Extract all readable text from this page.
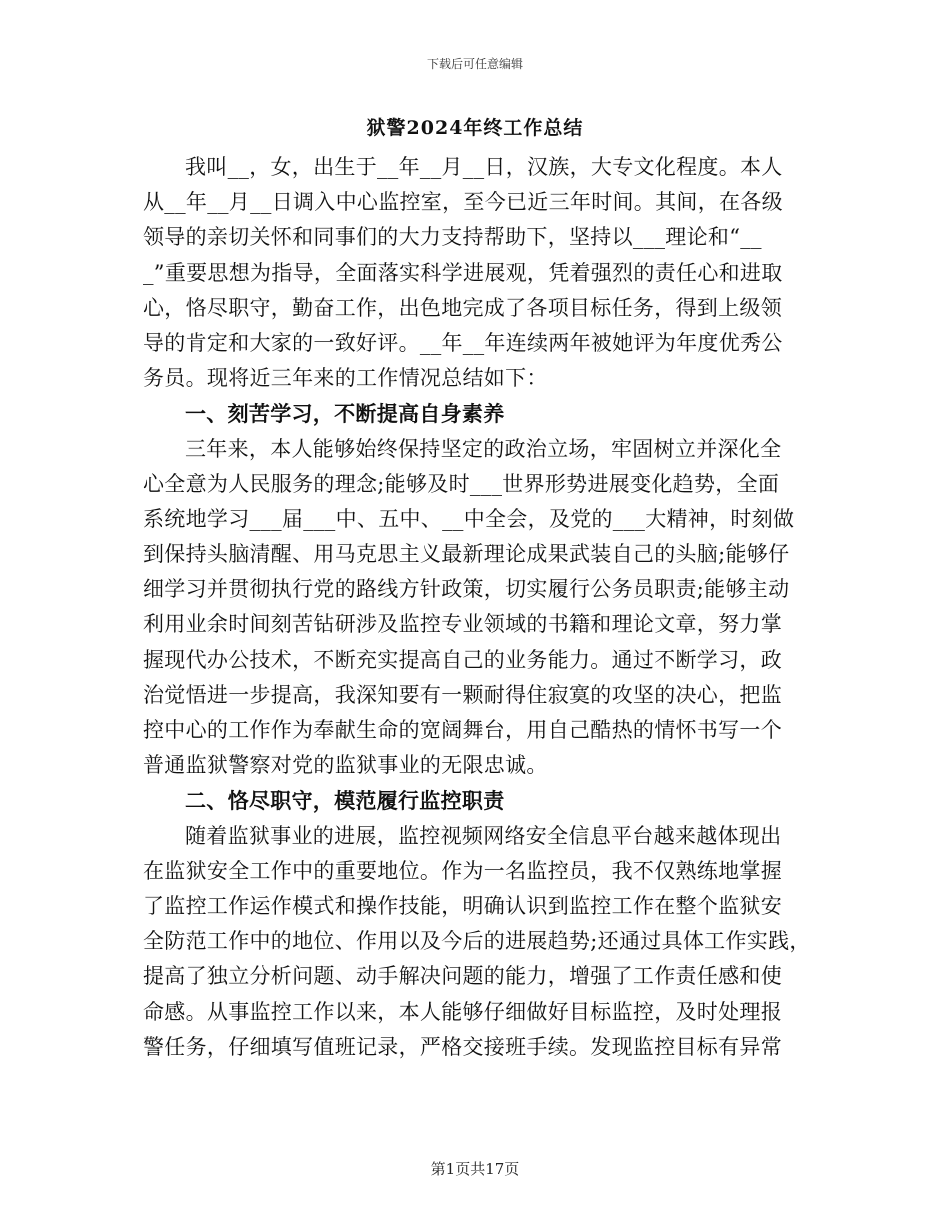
下载后可任意编辑
狱警2024年终工作总结
我叫__，女，出生于__年__月__日，汉族，大专文化程度。本人
从__年__月__日调入中心监控室，至今已近三年时间。其间，在各级
领导的亲切关怀和同事们的大力支持帮助下，坚持以___理论和“__
_”重要思想为指导，全面落实科学进展观，凭着强烈的责任心和进取
心，恪尽职守，勤奋工作，出色地完成了各项目标任务，得到上级领
导的肯定和大家的一致好评。__年__年连续两年被她评为年度优秀公
务员。现将近三年来的工作情况总结如下：
一、刻苦学习，不断提高自身素养
三年来，本人能够始终保持坚定的政治立场，牢固树立并深化全
心全意为人民服务的理念;能够及时___世界形势进展变化趋势，全面
系统地学习___届___中、五中、__中全会，及党的___大精神，时刻做
到保持头脑清醒、用马克思主义最新理论成果武装自己的头脑;能够仔
细学习并贯彻执行党的路线方针政策，切实履行公务员职责;能够主动
利用业余时间刻苦钻研涉及监控专业领域的书籍和理论文章，努力掌
握现代办公技术，不断充实提高自己的业务能力。通过不断学习，政
治觉悟进一步提高，我深知要有一颗耐得住寂寞的攻坚的决心，把监
控中心的工作作为奉献生命的宽阔舞台，用自己酷热的情怀书写一个
普通监狱警察对党的监狱事业的无限忠诚。
二、恪尽职守，模范履行监控职责
随着监狱事业的进展，监控视频网络安全信息平台越来越体现出
在监狱安全工作中的重要地位。作为一名监控员，我不仅熟练地掌握
了监控工作运作模式和操作技能，明确认识到监控工作在整个监狱安
全防范工作中的地位、作用以及今后的进展趋势;还通过具体工作实践，
提高了独立分析问题、动手解决问题的能力，增强了工作责任感和使
命感。从事监控工作以来，本人能够仔细做好目标监控，及时处理报
警任务，仔细填写值班记录，严格交接班手续。发现监控目标有异常
第1页共17页
